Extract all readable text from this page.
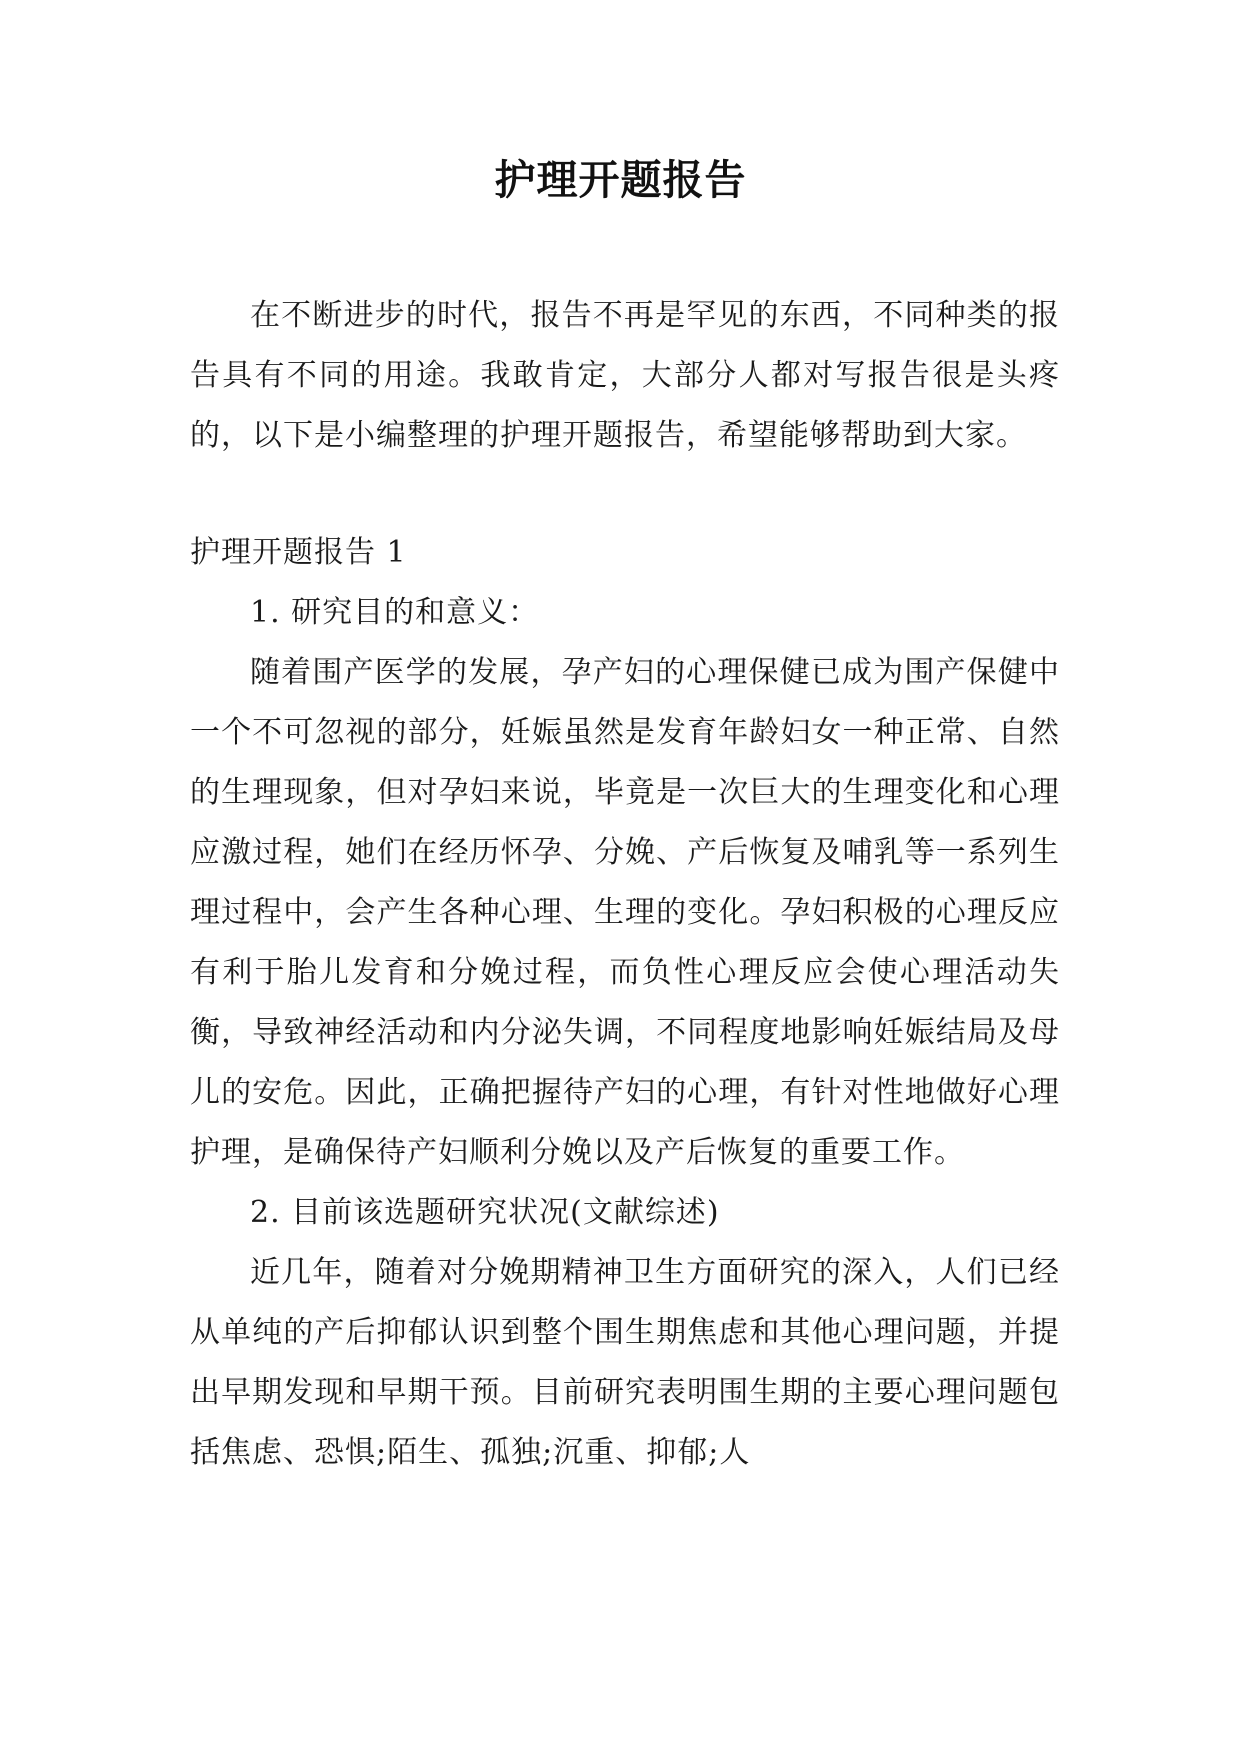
护理开题报告

在不断进步的时代，报告不再是罕见的东西，不同种类的报告具有不同的用途。我敢肯定，大部分人都对写报告很是头疼的，以下是小编整理的护理开题报告，希望能够帮助到大家。

护理开题报告 1

1. 研究目的和意义：

随着围产医学的发展，孕产妇的心理保健已成为围产保健中一个不可忽视的部分，妊娠虽然是发育年龄妇女一种正常、自然的生理现象，但对孕妇来说，毕竟是一次巨大的生理变化和心理应激过程，她们在经历怀孕、分娩、产后恢复及哺乳等一系列生理过程中，会产生各种心理、生理的变化。孕妇积极的心理反应有利于胎儿发育和分娩过程，而负性心理反应会使心理活动失衡，导致神经活动和内分泌失调，不同程度地影响妊娠结局及母儿的安危。因此，正确把握待产妇的心理，有针对性地做好心理护理，是确保待产妇顺利分娩以及产后恢复的重要工作。

2. 目前该选题研究状况(文献综述)

近几年，随着对分娩期精神卫生方面研究的深入，人们已经从单纯的产后抑郁认识到整个围生期焦虑和其他心理问题，并提出早期发现和早期干预。目前研究表明围生期的主要心理问题包括焦虑、恐惧;陌生、孤独;沉重、抑郁;人
